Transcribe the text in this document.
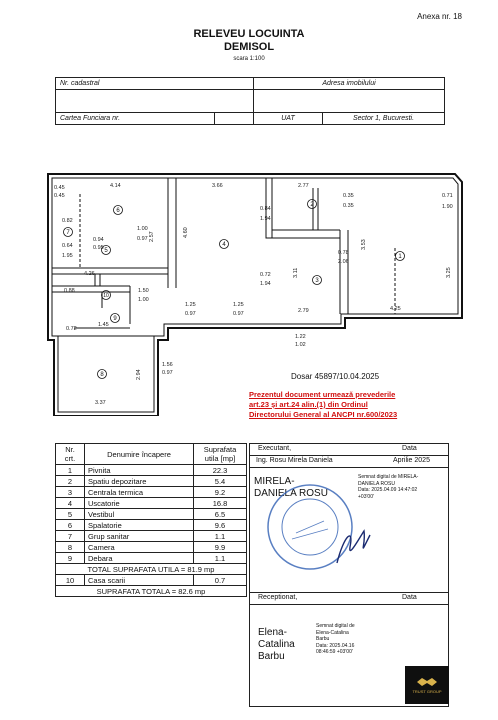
Anexa nr. 18
RELEVEU LOCUINTA
DEMISOL
scara 1:100
Nr. cadastral		Adresa imobilului	

Cartea Funciara nr.		UAT	Sector 1, Bucuresti.
4.14	3.66	2.77
0.71
1.90
0.35
0.35
0.45
0.45
1.00
0.97
0.84
1.94
0.94
0.95
1.95
0.64
0.82
4.26	0.72
1.94
0.78
2.06
0.88	1.50
1.00
1.25
0.97
1.25
0.97	2.79	4.25
1.22
1.02
0.72
1.45
1.56
0.97
3.37
2.57	4.60
3.53
3.25
3.11
2.94
1
2
3
4
5
6
7
8
9
10
Dosar 45897/10.04.2025
Prezentul document urmează prevederile
art.23 și art.24 alin.(1) din Ordinul
Directorului General al ANCPI nr.600/2023
Nr. crt.	Denumire încapere	Suprafata utila [mp]
1	Pivnita	22.3
2	Spatiu depozitare	5.4
3	Centrala termica	9.2
4	Uscatorie	16.8
5	Vestibul	6.5
6	Spalatorie	9.6
7	Grup sanitar	1.1
8	Camera	9.9
9	Debara	1.1
TOTAL SUPRAFATA UTILA = 81.9 mp		
10	Casa scarii	0.7
SUPRAFATA TOTALA = 82.6 mp		
Executant,	Data
Ing. Rosu Mirela Daniela	Aprilie 2025
MIRELA-
DANIELA ROSU
Semnat digital de MIRELA-
DANIELA ROSU
Data: 2025.04.09 14:47:02
+03'00'
Receptionat,	Data
Elena-
Catalina
Barbu
Semnat digital de
Elena-Catalina
Barbu
Data: 2025.04.16
08:46:59 +03'00'
TRUST GROUP
